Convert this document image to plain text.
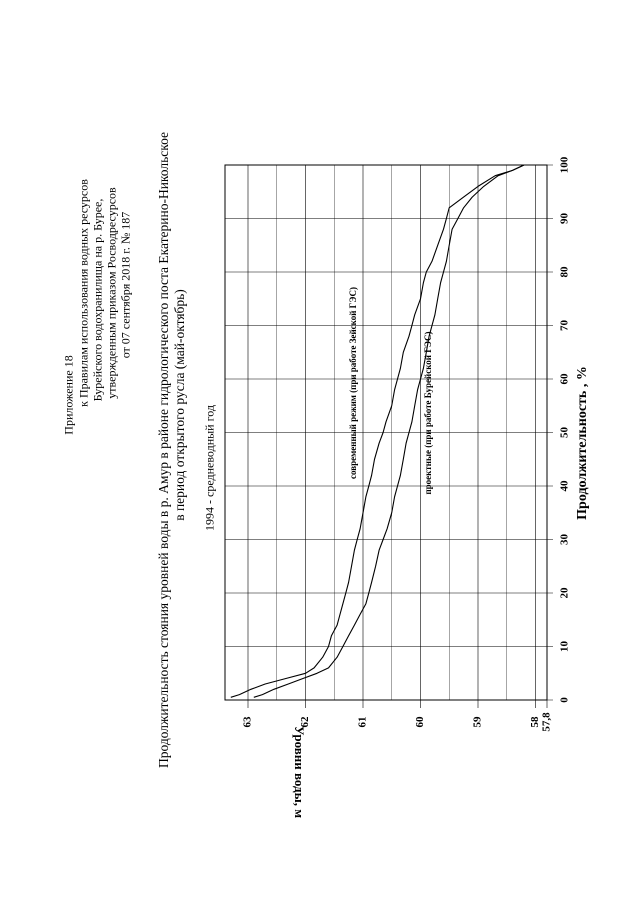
Приложение 18 к Правилам использования водных ресурсов Бурейского водохранилища на р. Бурее, утвержденным приказом Росводресурсов от 07 сентября 2018 г. № 187 Продолжительность стояния уровней воды в р. Амур в районе гидрологического поста Екатерино-Никольское в период открытого русла (май-октябрь) 1994 - средневодный год
Уровни воды, м
Продолжительность , %
современный режим (при работе Зейской ГЭС)	проектные (при работе Бурейской ГЭС)
0
10
20
30
40
50
60
70
80
90
100
57,8
58
59
60
61
62
63
